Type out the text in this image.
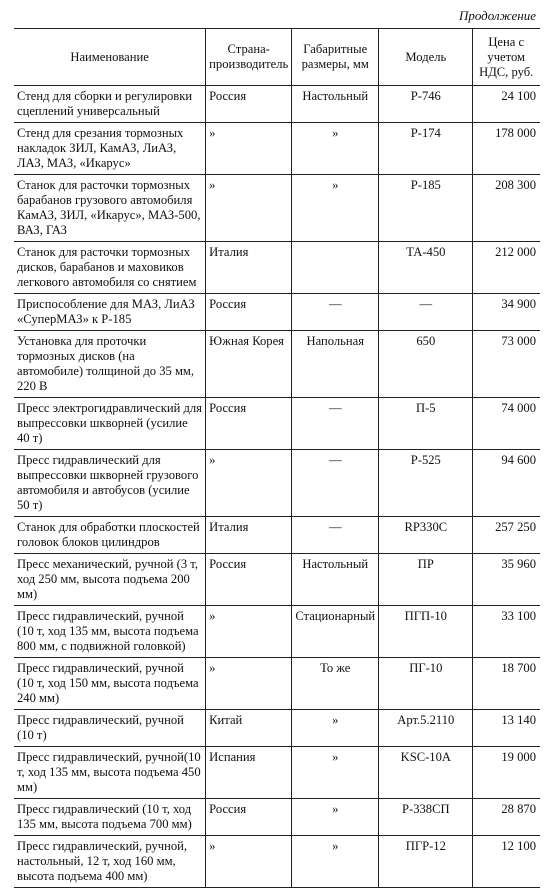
Продолжение
Наименование	Страна-производитель	Габаритные размеры, мм	Модель	Цена с учетом НДС, руб.
Стенд для сборки и регулировки сцеплений универсальный	Россия	Настольный	Р-746	24 100
Стенд для срезания тормозных накладок ЗИЛ, КамАЗ, ЛиАЗ, ЛАЗ, МАЗ, «Икарус»	»	»	Р-174	178 000
Станок для расточки тормозных барабанов грузового автомобиля КамАЗ, ЗИЛ, «Икарус», МАЗ-500, ВАЗ, ГАЗ	»	»	Р-185	208 300
Станок для расточки тормозных дисков, барабанов и маховиков легкового автомобиля со снятием	Италия		ТА-450	212 000
Приспособление для МАЗ, ЛиАЗ «СуперМАЗ» к Р-185	Россия	—	—	34 900
Установка для проточки тормозных дисков (на автомобиле) толщиной до 35 мм, 220 В	Южная Корея	Напольная	650	73 000
Пресс электрогидравлический для выпрессовки шкворней (усилие 40 т)	Россия	—	П-5	74 000
Пресс гидравлический для выпрессовки шкворней грузового автомобиля и автобусов (усилие 50 т)	»	—	Р-525	94 600
Станок для обработки плоскостей головок блоков цилиндров	Италия	—	RP330C	257 250
Пресс механический, ручной (3 т, ход 250 мм, высота подъема 200 мм)	Россия	Настольный	ПР	35 960
Пресс гидравлический, ручной (10 т, ход 135 мм, высота подъема 800 мм, с подвижной головкой)	»	Стационарный	ПГП-10	33 100
Пресс гидравлический, ручной (10 т, ход 150 мм, высота подъема 240 мм)	»	То же	ПГ-10	18 700
Пресс гидравлический, ручной (10 т)	Китай	»	Арт.5.2110	13 140
Пресс гидравлический, ручной(10 т, ход 135 мм, высота подъема 450 мм)	Испания	»	KSC-10A	19 000
Пресс гидравлический (10 т, ход 135 мм, высота подъема 700 мм)	Россия	»	Р-338СП	28 870
Пресс гидравлический, ручной, настольный, 12 т, ход 160 мм, высота подъема 400 мм)	»	»	ПГР-12	12 100
